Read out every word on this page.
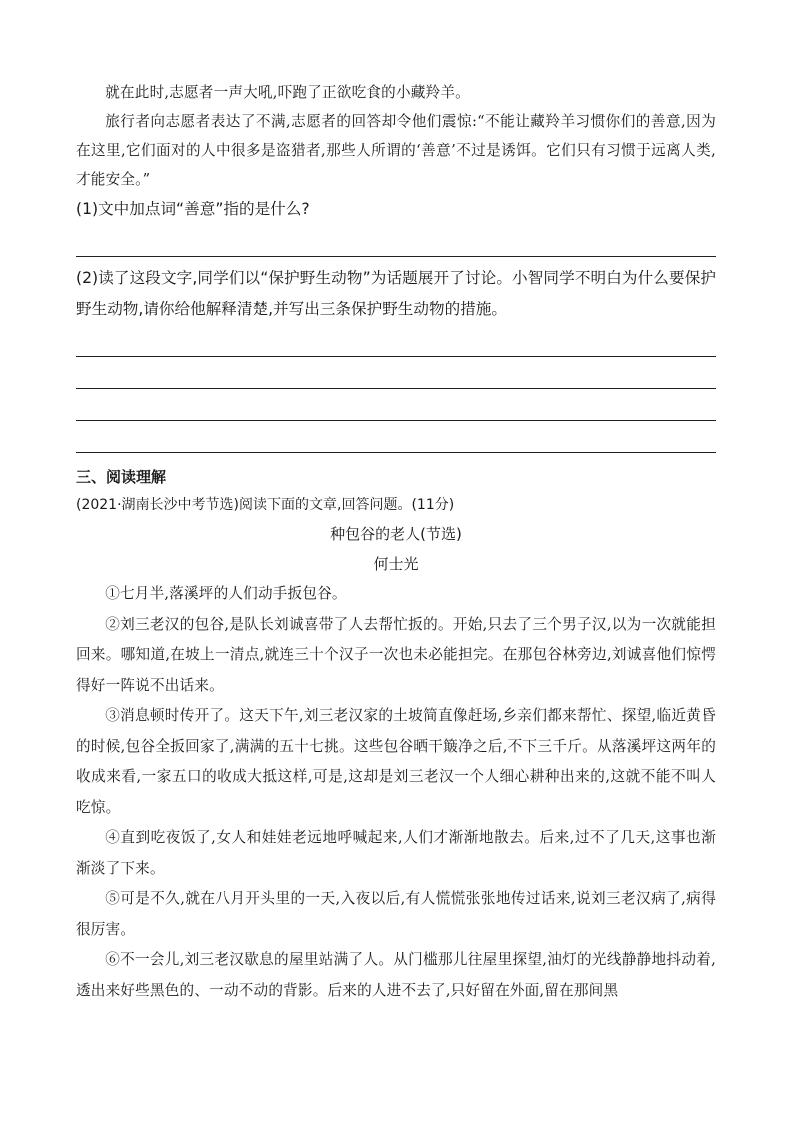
就在此时,志愿者一声大吼,吓跑了正欲吃食的小藏羚羊。

旅行者向志愿者表达了不满,志愿者的回答却令他们震惊:“不能让藏羚羊习惯你们的善意,因为在这里,它们面对的人中很多是盗猎者,那些人所谓的‘善意’不过是诱饵。它们只有习惯于远离人类,才能安全。”

(1)文中加点词“善意”指的是什么?

(2)读了这段文字,同学们以“保护野生动物”为话题展开了讨论。小智同学不明白为什么要保护野生动物,请你给他解释清楚,并写出三条保护野生动物的措施。

三、阅读理解

(2021·湖南长沙中考节选)阅读下面的文章,回答问题。(11分)

种包谷的老人(节选)

何士光

①七月半,落溪坪的人们动手扳包谷。

②刘三老汉的包谷,是队长刘诚喜带了人去帮忙扳的。开始,只去了三个男子汉,以为一次就能担回来。哪知道,在坡上一清点,就连三十个汉子一次也未必能担完。在那包谷林旁边,刘诚喜他们惊愕得好一阵说不出话来。

③消息顿时传开了。这天下午,刘三老汉家的土坡简直像赶场,乡亲们都来帮忙、探望,临近黄昏的时候,包谷全扳回家了,满满的五十七挑。这些包谷晒干簸净之后,不下三千斤。从落溪坪这两年的收成来看,一家五口的收成大抵这样,可是,这却是刘三老汉一个人细心耕种出来的,这就不能不叫人吃惊。

④直到吃夜饭了,女人和娃娃老远地呼喊起来,人们才渐渐地散去。后来,过不了几天,这事也渐渐淡了下来。

⑤可是不久,就在八月开头里的一天,入夜以后,有人慌慌张张地传过话来,说刘三老汉病了,病得很厉害。

⑥不一会儿,刘三老汉歇息的屋里站满了人。从门槛那儿往屋里探望,油灯的光线静静地抖动着,透出来好些黑色的、一动不动的背影。后来的人进不去了,只好留在外面,留在那间黑
